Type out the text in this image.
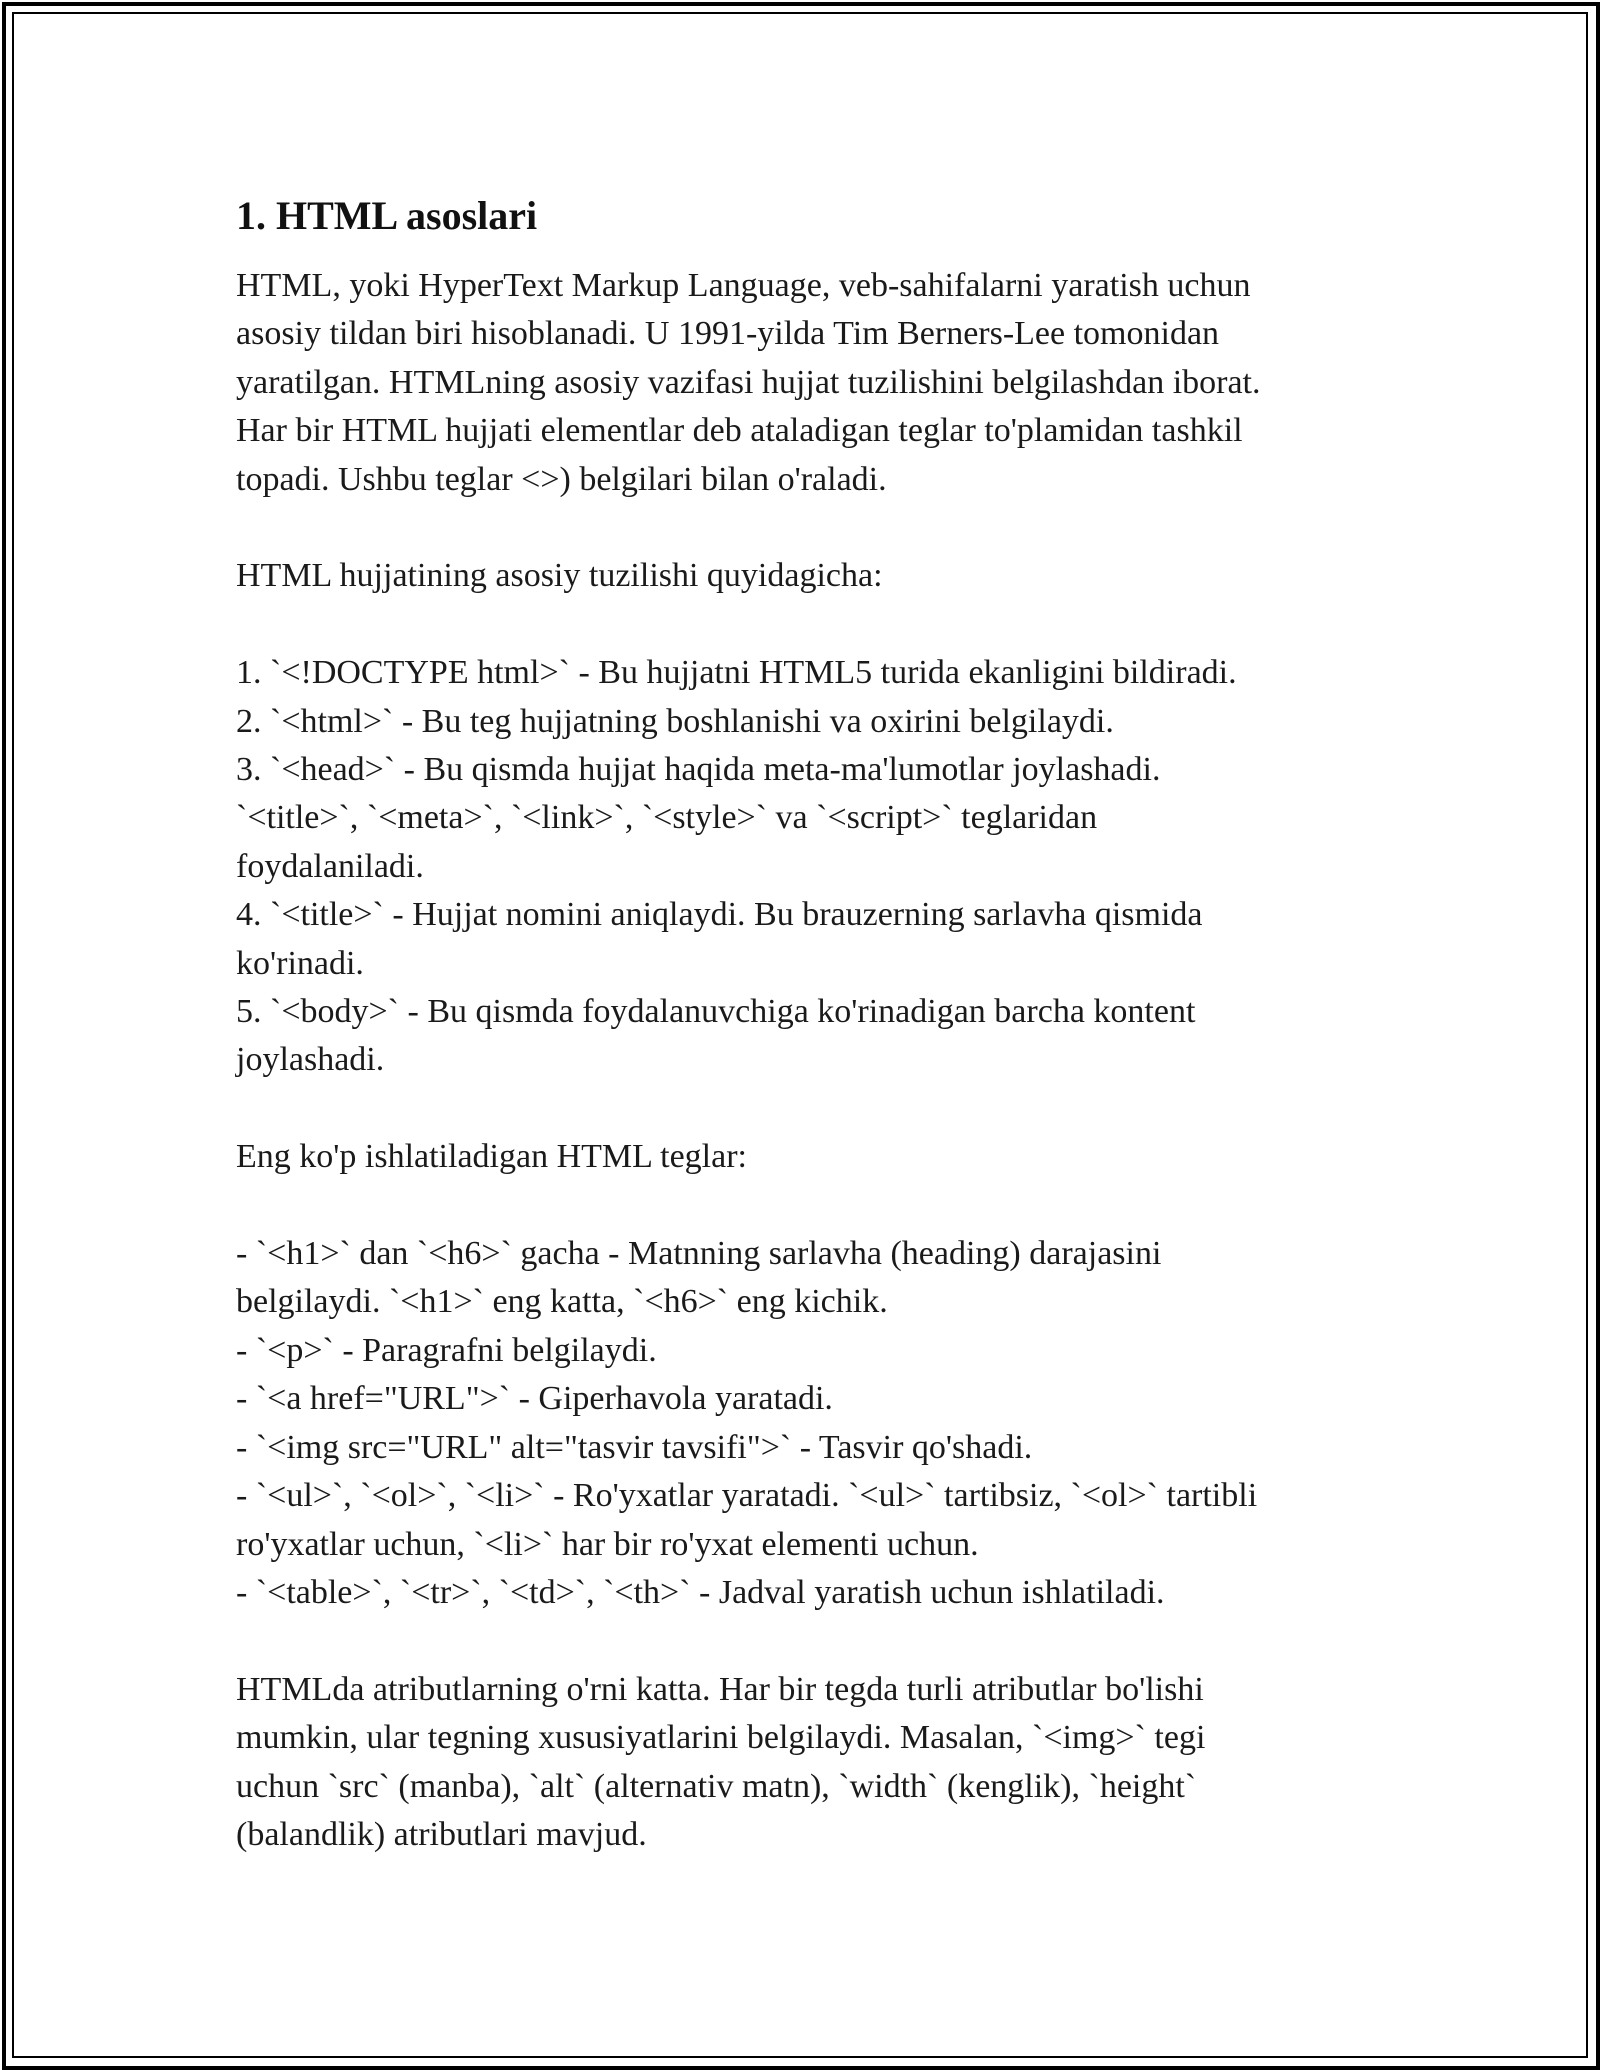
1. HTML asoslari
HTML, yoki HyperText Markup Language, veb-sahifalarni yaratish uchun
asosiy tildan biri hisoblanadi. U 1991-yilda Tim Berners-Lee tomonidan
yaratilgan. HTMLning asosiy vazifasi hujjat tuzilishini belgilashdan iborat.
Har bir HTML hujjati elementlar deb ataladigan teglar to'plamidan tashkil
topadi. Ushbu teglar <>) belgilari bilan o'raladi.
HTML hujjatining asosiy tuzilishi quyidagicha:
1. `<!DOCTYPE html>` - Bu hujjatni HTML5 turida ekanligini bildiradi.
2. `<html>` - Bu teg hujjatning boshlanishi va oxirini belgilaydi.
3. `<head>` - Bu qismda hujjat haqida meta-ma'lumotlar joylashadi.
`<title>`, `<meta>`, `<link>`, `<style>` va `<script>` teglaridan
foydalaniladi.
4. `<title>` - Hujjat nomini aniqlaydi. Bu brauzerning sarlavha qismida
ko'rinadi.
5. `<body>` - Bu qismda foydalanuvchiga ko'rinadigan barcha kontent
joylashadi.
Eng ko'p ishlatiladigan HTML teglar:
- `<h1>` dan `<h6>` gacha - Matnning sarlavha (heading) darajasini
belgilaydi. `<h1>` eng katta, `<h6>` eng kichik.
- `<p>` - Paragrafni belgilaydi.
- `<a href="URL">` - Giperhavola yaratadi.
- `<img src="URL" alt="tasvir tavsifi">` - Tasvir qo'shadi.
- `<ul>`, `<ol>`, `<li>` - Ro'yxatlar yaratadi. `<ul>` tartibsiz, `<ol>` tartibli
ro'yxatlar uchun, `<li>` har bir ro'yxat elementi uchun.
- `<table>`, `<tr>`, `<td>`, `<th>` - Jadval yaratish uchun ishlatiladi.
HTMLda atributlarning o'rni katta. Har bir tegda turli atributlar bo'lishi
mumkin, ular tegning xususiyatlarini belgilaydi. Masalan, `<img>` tegi
uchun `src` (manba), `alt` (alternativ matn), `width` (kenglik), `height`
(balandlik) atributlari mavjud.
